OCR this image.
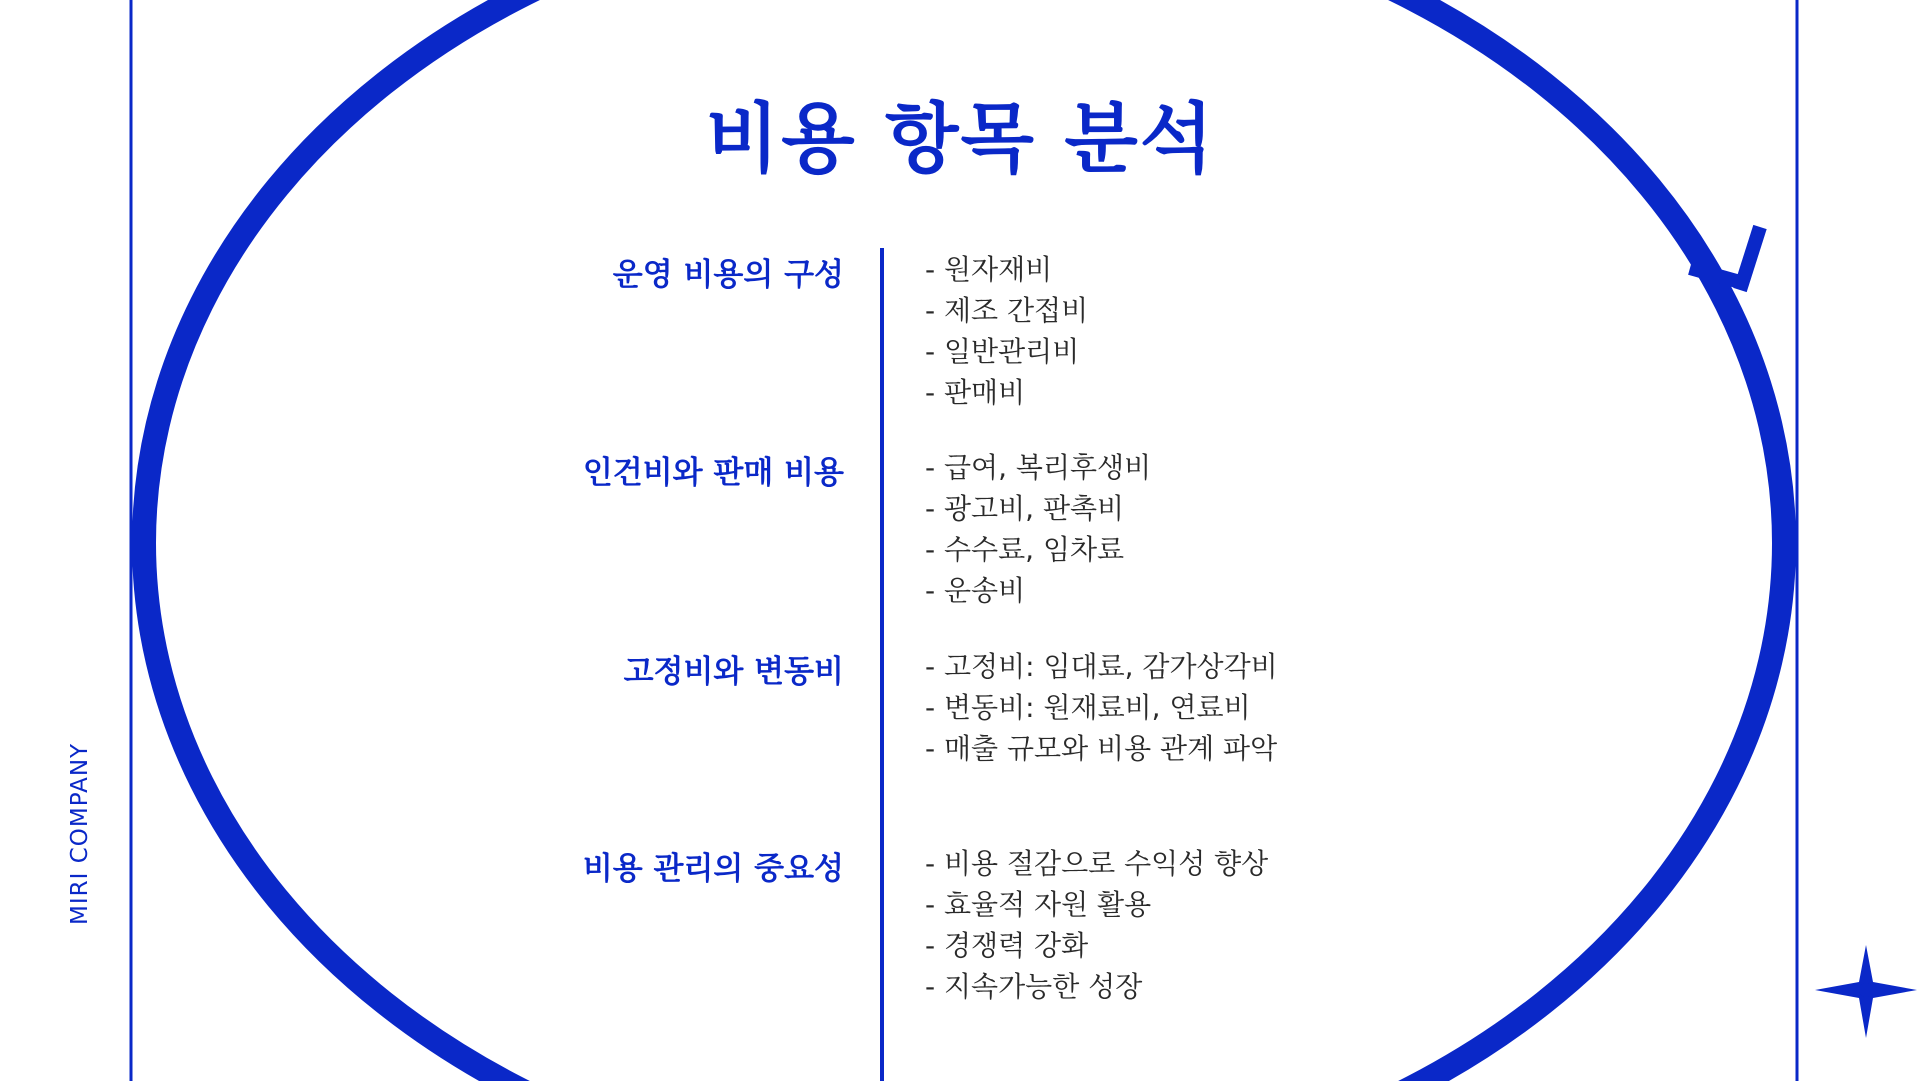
MIRI COMPANY
비용 항목 분석
운영 비용의 구성	- 원자재비
- 제조 간접비
- 일반관리비
- 판매비
인건비와 판매 비용	- 급여, 복리후생비
- 광고비, 판촉비
- 수수료, 임차료
- 운송비
고정비와 변동비	- 고정비: 임대료, 감가상각비
- 변동비: 원재료비, 연료비
- 매출 규모와 비용 관계 파악
비용 관리의 중요성	- 비용 절감으로 수익성 향상
- 효율적 자원 활용
- 경쟁력 강화
- 지속가능한 성장
